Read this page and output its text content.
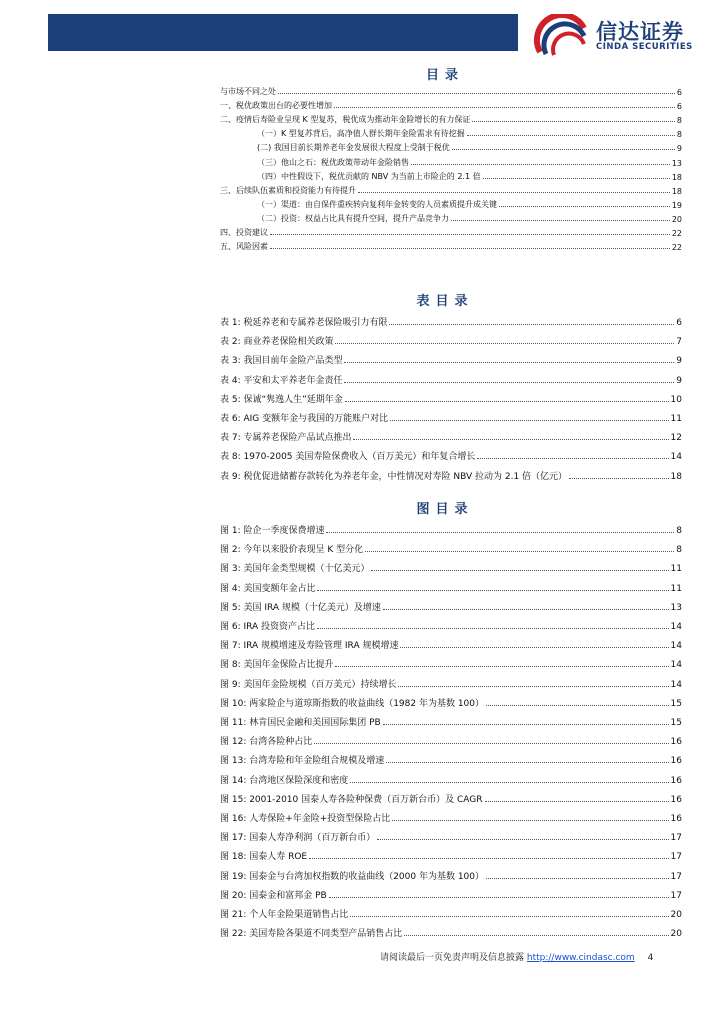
信达证券
CINDA SECURITIES
目录
与市场不同之处	6
一、税优政策出台的必要性增加	6
二、疫情后寿险业呈现 K 型复苏，税优成为推动年金险增长的有力保证	8
（一）K 型复苏背后，高净值人群长期年金险需求有待挖掘	8
(二) 我国目前长期养老年金发展很大程度上受制于税优	9
（三）他山之石：税优政策带动年金险销售	13
（四）中性假设下，税优贡献的 NBV 为当前上市险企的 2.1 倍	18
三、后续队伍素质和投资能力有待提升	18
（一）渠道：由自保件重疾转向复利年金转变的人员素质提升成关键	19
（二）投资：权益占比具有提升空间，提升产品竞争力	20
四、投资建议	22
五、风险因素	22
表目录
表 1: 税延养老和专属养老保险吸引力有限	6
表 2: 商业养老保险相关政策	7
表 3: 我国目前年金险产品类型	9
表 4: 平安和太平养老年金责任	9
表 5: 保诚“隽逸人生”延期年金	10
表 6: AIG 变额年金与我国的万能账户对比	11
表 7: 专属养老保险产品试点推出	12
表 8: 1970-2005 美国寿险保费收入（百万美元）和年复合增长	14
表 9: 税优促进储蓄存款转化为养老年金，中性情况对寿险 NBV 拉动为 2.1 倍（亿元）	18
图目录
图 1: 险企一季度保费增速	8
图 2: 今年以来股价表现呈 K 型分化	8
图 3: 美国年金类型规模（十亿美元）	11
图 4: 美国变额年金占比	11
图 5: 美国 IRA 规模（十亿美元）及增速	13
图 6: IRA 投资资产占比	14
图 7: IRA 规模增速及寿险管理 IRA 规模增速	14
图 8: 美国年金保险占比提升	14
图 9: 美国年金险规模（百万美元）持续增长	14
图 10: 两家险企与道琼斯指数的收益曲线（1982 年为基数 100）	15
图 11: 林肯国民金融和美国国际集团 PB	15
图 12: 台湾各险种占比	16
图 13: 台湾寿险和年金险组合规模及增速	16
图 14: 台湾地区保险深度和密度	16
图 15: 2001-2010 国泰人寿各险种保费（百万新台币）及 CAGR	16
图 16: 人寿保险+年金险+投资型保险占比	16
图 17: 国泰人寿净利润（百万新台币）	17
图 18: 国泰人寿 ROE	17
图 19: 国泰金与台湾加权指数的收益曲线（2000 年为基数 100）	17
图 20: 国泰金和富邦金 PB	17
图 21: 个人年金险渠道销售占比	20
图 22: 美国寿险各渠道不同类型产品销售占比	20
请阅读最后一页免责声明及信息披露 http://www.cindasc.com 4
